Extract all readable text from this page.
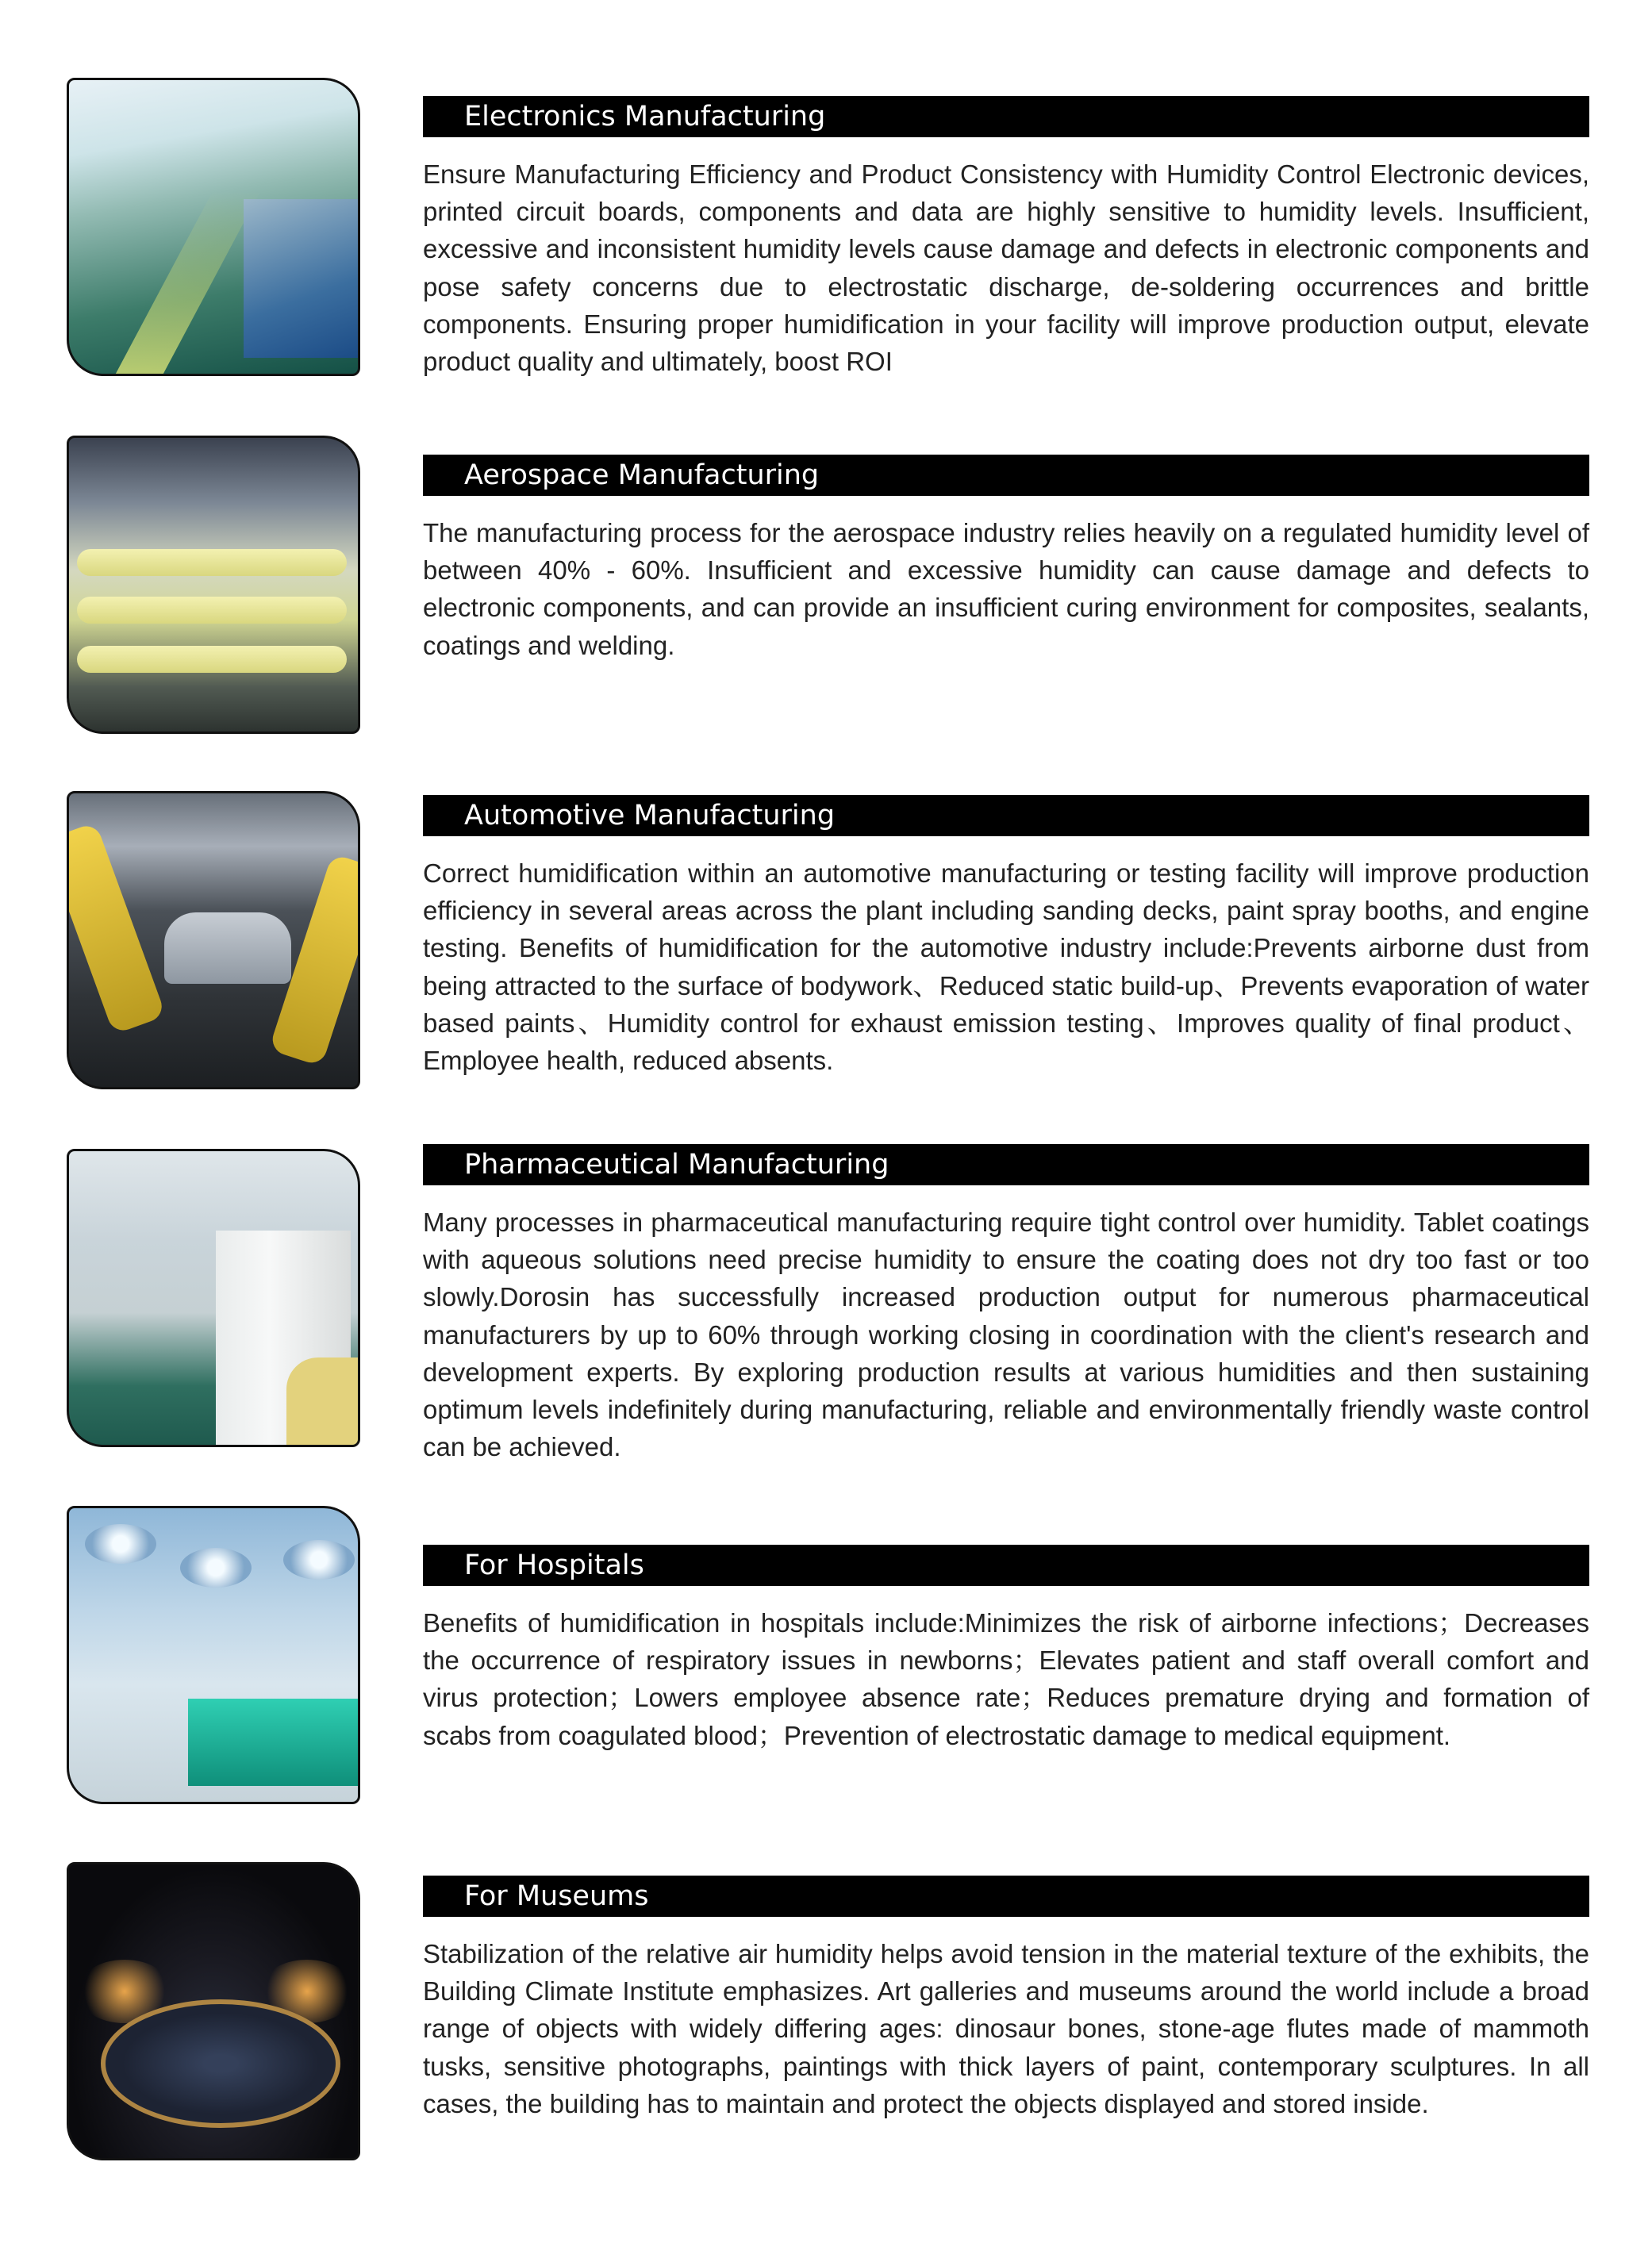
Electronics Manufacturing

Ensure Manufacturing Efficiency and Product Consistency with Humidity Control Electronic devices, printed circuit boards, components and data are highly sensitive to humidity levels. Insufficient, excessive and inconsistent humidity levels cause damage and defects in electronic components and pose safety concerns due to electrostatic discharge, de-soldering occurrences and brittle components. Ensuring proper humidification in your facility will improve production output, elevate product quality and ultimately, boost ROI

Aerospace Manufacturing

The manufacturing process for the aerospace industry relies heavily on a regulated humidity level of between 40% - 60%. Insufficient and excessive humidity can cause damage and defects to electronic components, and can provide an insufficient curing environment for composites, sealants, coatings and welding.

Automotive Manufacturing

Correct humidification within an automotive manufacturing or testing facility will improve production efficiency in several areas across the plant including sanding decks, paint spray booths, and engine testing. Benefits of humidification for the automotive industry include:Prevents airborne dust from being attracted to the surface of bodywork、Reduced static build-up、Prevents evaporation of water based paints、Humidity control for exhaust emission testing、Improves quality of final product、Employee health, reduced absents.

Pharmaceutical Manufacturing

Many processes in pharmaceutical manufacturing require tight control over humidity. Tablet coatings with aqueous solutions need precise humidity to ensure the coating does not dry too fast or too slowly.Dorosin has successfully increased production output for numerous pharmaceutical manufacturers by up to 60% through working closing in coordination with the client's research and development experts. By exploring production results at various humidities and then sustaining optimum levels indefinitely during manufacturing, reliable and environmentally friendly waste control can be achieved.

For Hospitals

Benefits of humidification in hospitals include:Minimizes the risk of airborne infections；Decreases the occurrence of respiratory issues in newborns；Elevates patient and staff overall comfort and virus protection；Lowers employee absence rate；Reduces premature drying and formation of scabs from coagulated blood；Prevention of electrostatic damage to medical equipment.

For Museums

Stabilization of the relative air humidity helps avoid tension in the material texture of the exhibits, the Building Climate Institute emphasizes. Art galleries and museums around the world include a broad range of objects with widely differing ages: dinosaur bones, stone-age flutes made of mammoth tusks, sensitive photographs, paintings with thick layers of paint, contemporary sculptures. In all cases, the building has to maintain and protect the objects displayed and stored inside.
